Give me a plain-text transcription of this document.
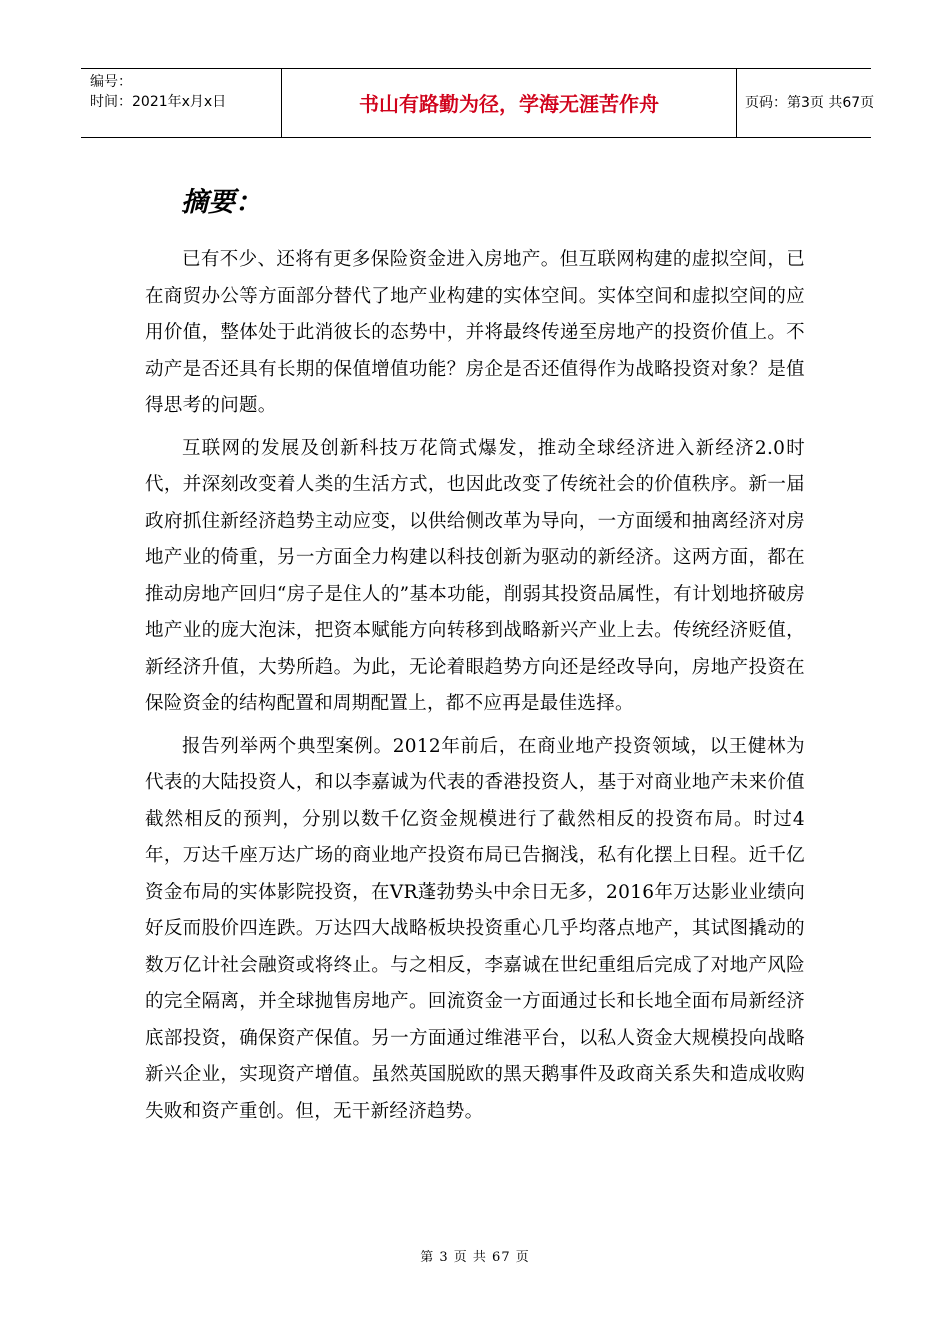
编号：
时间：2021年x月x日	书山有路勤为径，学海无涯苦作舟	页码：第3页 共67页
摘要：

已有不少、还将有更多保险资金进入房地产。但互联网构建的虚拟空间，已在商贸办公等方面部分替代了地产业构建的实体空间。实体空间和虚拟空间的应用价值，整体处于此消彼长的态势中，并将最终传递至房地产的投资价值上。不动产是否还具有长期的保值增值功能？房企是否还值得作为战略投资对象？是值得思考的问题。

互联网的发展及创新科技万花筒式爆发，推动全球经济进入新经济2.0时代，并深刻改变着人类的生活方式，也因此改变了传统社会的价值秩序。新一届政府抓住新经济趋势主动应变，以供给侧改革为导向，一方面缓和抽离经济对房地产业的倚重，另一方面全力构建以科技创新为驱动的新经济。这两方面，都在推动房地产回归“房子是住人的”基本功能，削弱其投资品属性，有计划地挤破房地产业的庞大泡沫，把资本赋能方向转移到战略新兴产业上去。传统经济贬值，新经济升值，大势所趋。为此，无论着眼趋势方向还是经改导向，房地产投资在保险资金的结构配置和周期配置上，都不应再是最佳选择。

报告列举两个典型案例。2012年前后，在商业地产投资领域，以王健林为代表的大陆投资人，和以李嘉诚为代表的香港投资人，基于对商业地产未来价值截然相反的预判，分别以数千亿资金规模进行了截然相反的投资布局。时过4年，万达千座万达广场的商业地产投资布局已告搁浅，私有化摆上日程。近千亿资金布局的实体影院投资，在VR蓬勃势头中余日无多，2016年万达影业业绩向好反而股价四连跌。万达四大战略板块投资重心几乎均落点地产，其试图撬动的数万亿计社会融资或将终止。与之相反，李嘉诚在世纪重组后完成了对地产风险的完全隔离，并全球抛售房地产。回流资金一方面通过长和长地全面布局新经济底部投资，确保资产保值。另一方面通过维港平台，以私人资金大规模投向战略新兴企业，实现资产增值。虽然英国脱欧的黑天鹅事件及政商关系失和造成收购失败和资产重创。但，无干新经济趋势。

第 3 页 共 67 页
